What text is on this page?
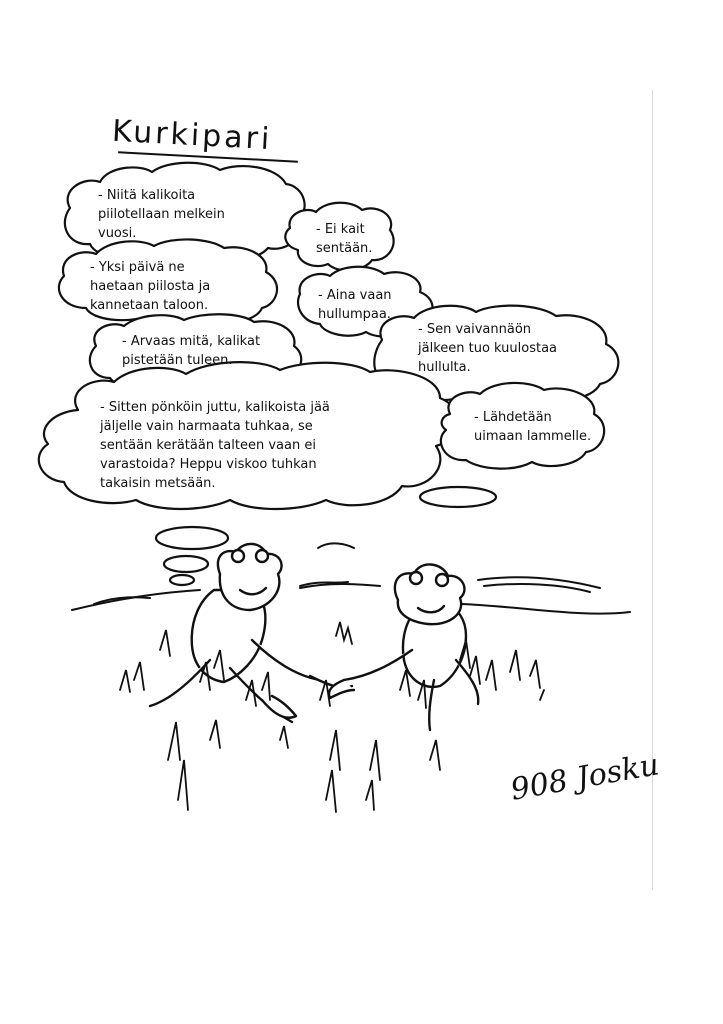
Kurkipari
- Niitä kalikoita
piilotellaan melkein
vuosi.	- Ei kait
sentään.
- Yksi päivä ne
haetaan piilosta ja
kannetaan taloon.
- Aina vaan
hullumpaa.
- Arvaas mitä, kalikat
pistetään tuleen.
- Sen vaivannäön
jälkeen tuo kuulostaa
hullulta.
- Sitten pönköin juttu, kalikoista jää
jäljelle vain harmaata tuhkaa, se
sentään kerätään talteen vaan ei
varastoida? Heppu viskoo tuhkan
takaisin metsään.
- Lähdetään
uimaan lammelle.
908 Josku
